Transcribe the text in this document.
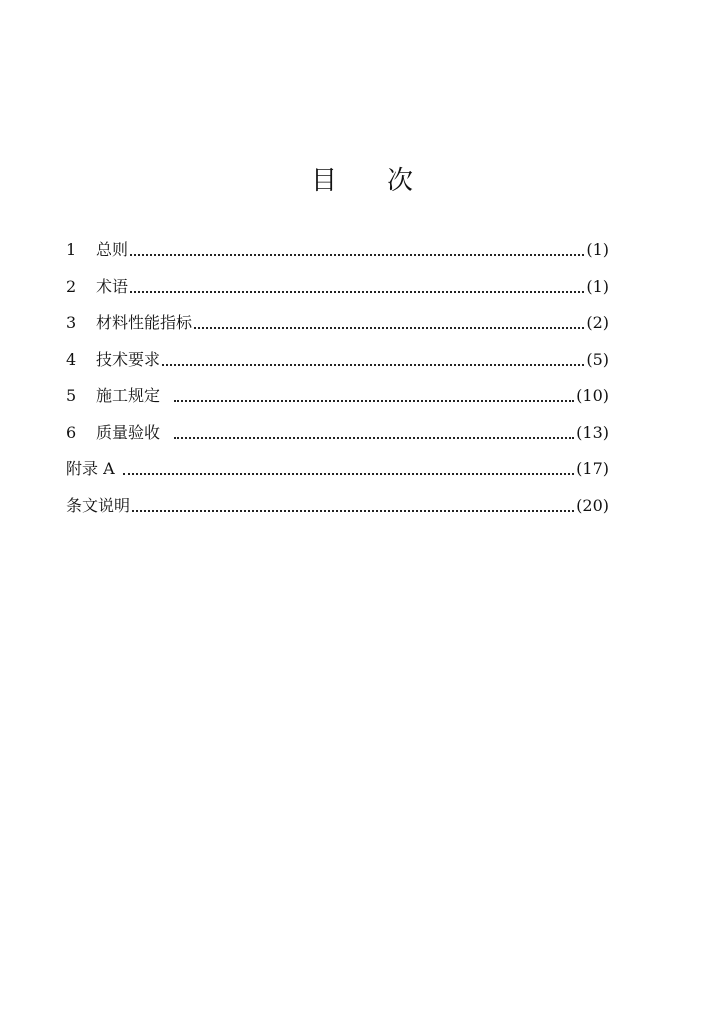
目 次
1	总则	(1)
2	术语	(1)
3	材料性能指标	(2)
4	技术要求	(5)
5	施工规定	(10)
6	质量验收	(13)
附录 A	(17)
条文说明	(20)
